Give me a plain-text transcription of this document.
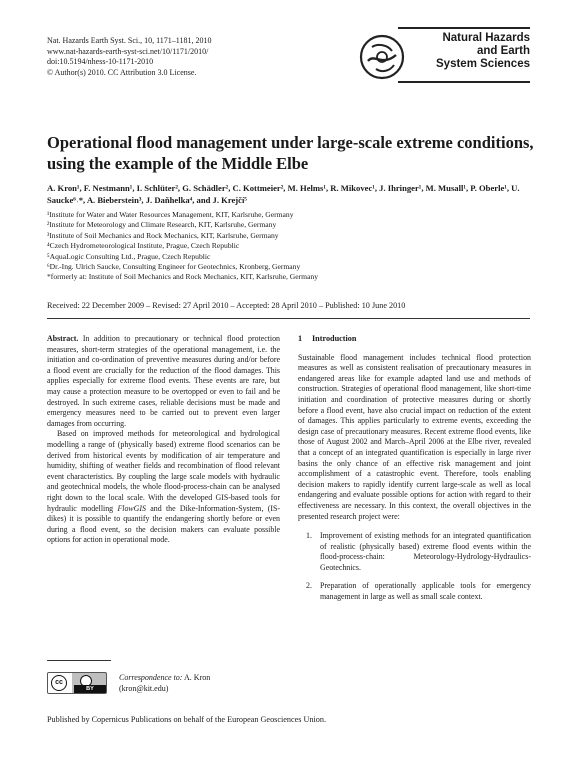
Nat. Hazards Earth Syst. Sci., 10, 1171–1181, 2010
www.nat-hazards-earth-syst-sci.net/10/1171/2010/
doi:10.5194/nhess-10-1171-2010
© Author(s) 2010. CC Attribution 3.0 License.
Natural Hazards
and Earth
System Sciences
Operational flood management under large-scale extreme conditions, using the example of the Middle Elbe
A. Kron¹, F. Nestmann¹, I. Schlüter², G. Schädler², C. Kottmeier², M. Helms¹, R. Mikovec¹, J. Ihringer¹, M. Musall¹, P. Oberle¹, U. Saucke⁶˒*, A. Bieberstein³, J. Daňhelka⁴, and J. Krejčí⁵
¹Institute for Water and Water Resources Management, KIT, Karlsruhe, Germany
²Institute for Meteorology and Climate Research, KIT, Karlsruhe, Germany
³Institute of Soil Mechanics and Rock Mechanics, KIT, Karlsruhe, Germany
⁴Czech Hydrometeorological Institute, Prague, Czech Republic
⁵AquaLogic Consulting Ltd., Prague, Czech Republic
⁶Dr.-Ing. Ulrich Saucke, Consulting Engineer for Geotechnics, Kronberg, Germany
*formerly at: Institute of Soil Mechanics and Rock Mechanics, KIT, Karlsruhe, Germany
Received: 22 December 2009 – Revised: 27 April 2010 – Accepted: 28 April 2010 – Published: 10 June 2010

Abstract. In addition to precautionary or technical flood protection measures, short-term strategies of the operational management, i.e. the initiation and co-ordination of preventive measures during and/or before a flood event are crucially for the reduction of the flood damages. This applies especially for extreme flood events. These events are rare, but may cause a protection measure to be overtopped or even to fail and be destroyed. In such extreme cases, reliable decisions must be made and emergency measures need to be carried out to prevent even larger damages from occurring.

Based on improved methods for meteorological and hydrological modelling a range of (physically based) extreme flood scenarios can be derived from historical events by modification of air temperature and humidity, shifting of weather fields and recombination of flood relevant event characteristics. By coupling the large scale models with hydraulic and geotechnical models, the whole flood-process-chain can be analysed right down to the local scale. With the developed GIS-based tools for hydraulic modelling FlowGIS and the Dike-Information-System, (IS-dikes) it is possible to quantify the endangering shortly before or even during a flood event, so the decision makers can evaluate possible options for action in operational mode.

1 Introduction

Sustainable flood management includes technical flood protection measures as well as consistent realisation of precautionary measures in endangered areas like for example adapted land use and methods of construction. Strategies of operational flood management, like short-time initiation and coordination of protective measures during or shortly before a flood event, have also crucial impact on reduction of the extent of damages. This applies particularly to extreme events, exceeding the design case of precautionary measures. Recent extreme flood events, like those of August 2002 and March–April 2006 at the Elbe river, revealed that a concept of an integrated quantification is especially in large river basins the only chance of an effective risk management and joint accomplishment of a catastrophic event. Therefore, tools enabling decision makers to rapidly identify current large-scale as well as local endangering and evaluate possible options for action with regard to their effectiveness are necessary. In this context, the overall objectives in the presented research project were:

1. Improvement of existing methods for an integrated quantification of realistic (physically based) extreme flood events within the flood-process-chain: Meteorology-Hydrology-Hydraulics-Geotechnics.
2. Preparation of operationally applicable tools for emergency management in large as well as small scale context.
cc
BY
Correspondence to: A. Kron
(kron@kit.edu)
Published by Copernicus Publications on behalf of the European Geosciences Union.
